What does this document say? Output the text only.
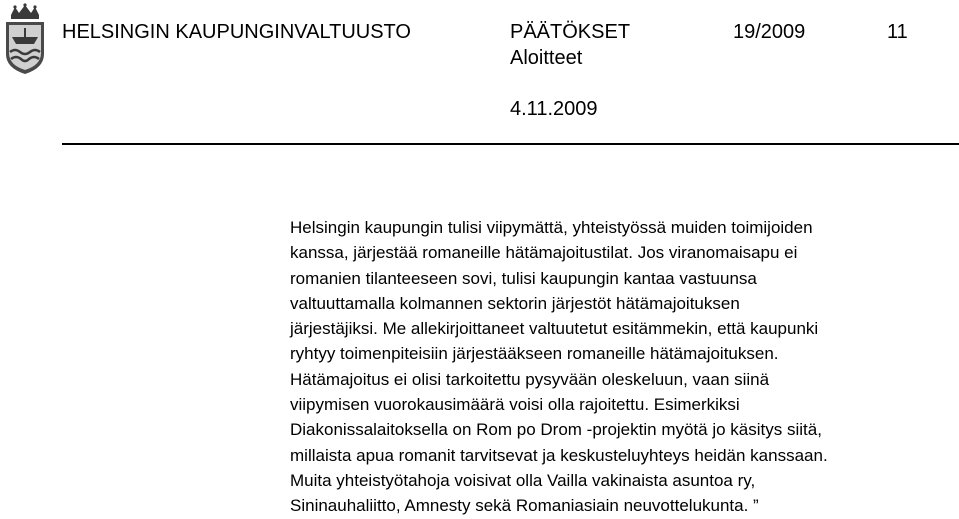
HELSINGIN KAUPUNGINVALTUUSTO	PÄÄTÖKSET
Aloitteet
4.11.2009
19/2009	11
Helsingin kaupungin tulisi viipymättä, yhteistyössä muiden toimijoiden
kanssa, järjestää romaneille hätämajoitustilat. Jos viranomaisapu ei
romanien tilanteeseen sovi, tulisi kaupungin kantaa vastuunsa
valtuuttamalla kolmannen sektorin järjestöt hätämajoituksen
järjestäjiksi. Me allekirjoittaneet valtuutetut esitämmekin, että kaupunki
ryhtyy toimenpiteisiin järjestääkseen romaneille hätämajoituksen.
Hätämajoitus ei olisi tarkoitettu pysyvään oleskeluun, vaan siinä
viipymisen vuorokausimäärä voisi olla rajoitettu. Esimerkiksi
Diakonissalaitoksella on Rom po Drom -projektin myötä jo käsitys siitä,
millaista apua romanit tarvitsevat ja keskusteluyhteys heidän kanssaan.
Muita yhteistyötahoja voisivat olla Vailla vakinaista asuntoa ry,
Sininauhaliitto, Amnesty sekä Romaniasiain neuvottelukunta. ”
